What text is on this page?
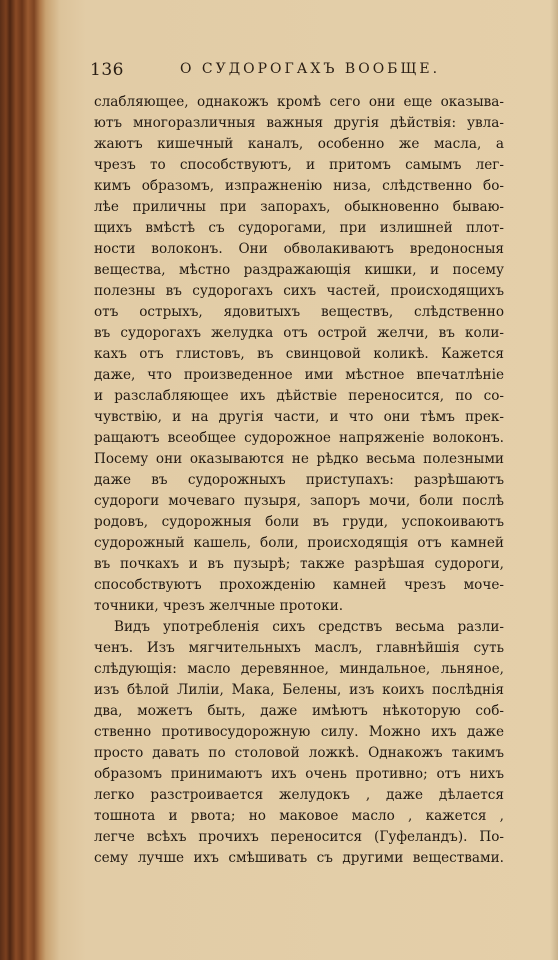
136	О СУДОРОГАХЪ ВООБЩЕ.
слабляющее, однакожъ кромѣ сего они еще оказыва-
ютъ многоразличныя важныя другія дѣйствія: увла-
жаютъ кишечный каналъ, особенно же масла, а
чрезъ то способствуютъ, и притомъ самымъ лег-
кимъ образомъ, изпражненію низа, слѣдственно бо-
лѣе приличны при запорахъ, обыкновенно бываю-
щихъ вмѣстѣ съ судорогами, при излишней плот-
ности волоконъ. Они обволакиваютъ вредоносныя
вещества, мѣстно раздражающія кишки, и посему
полезны въ судорогахъ сихъ частей, происходящихъ
отъ острыхъ, ядовитыхъ веществъ, слѣдственно
въ судорогахъ желудка отъ острой желчи, въ коли-
кахъ отъ глистовъ, въ свинцовой коликѣ. Кажется
даже, что произведенное ими мѣстное впечатлѣніе
и разслабляющее ихъ дѣйствіе переносится, по со-
чувствію, и на другія части, и что они тѣмъ прек-
ращаютъ всеобщее судорожное напряженіе волоконъ.
Посему они оказываются не рѣдко весьма полезными
даже въ судорожныхъ приступахъ: разрѣшаютъ
судороги мочеваго пузыря, запоръ мочи, боли послѣ
родовъ, судорожныя боли въ груди, успокоиваютъ
судорожный кашель, боли, происходящія отъ камней
въ почкахъ и въ пузырѣ; также разрѣшая судороги,
способствуютъ прохожденію камней чрезъ моче-
точники, чрезъ желчные протоки.
Видъ употребленія сихъ средствъ весьма разли-
ченъ. Изъ мягчительныхъ маслъ, главнѣйшія суть
слѣдующія: масло деревянное, миндальное, льняное,
изъ бѣлой Лиліи, Мака, Белены, изъ коихъ послѣднія
два, можетъ быть, даже имѣютъ нѣкоторую соб-
ственно противосудорожную силу. Можно ихъ даже
просто давать по столовой ложкѣ. Однакожъ такимъ
образомъ принимаютъ ихъ очень противно; отъ нихъ
легко разстроивается желудокъ , даже дѣлается
тошнота и рвота; но маковое масло , кажется ,
легче всѣхъ прочихъ переносится (Гуфеландъ). По-
сему лучше ихъ смѣшивать съ другими веществами.
